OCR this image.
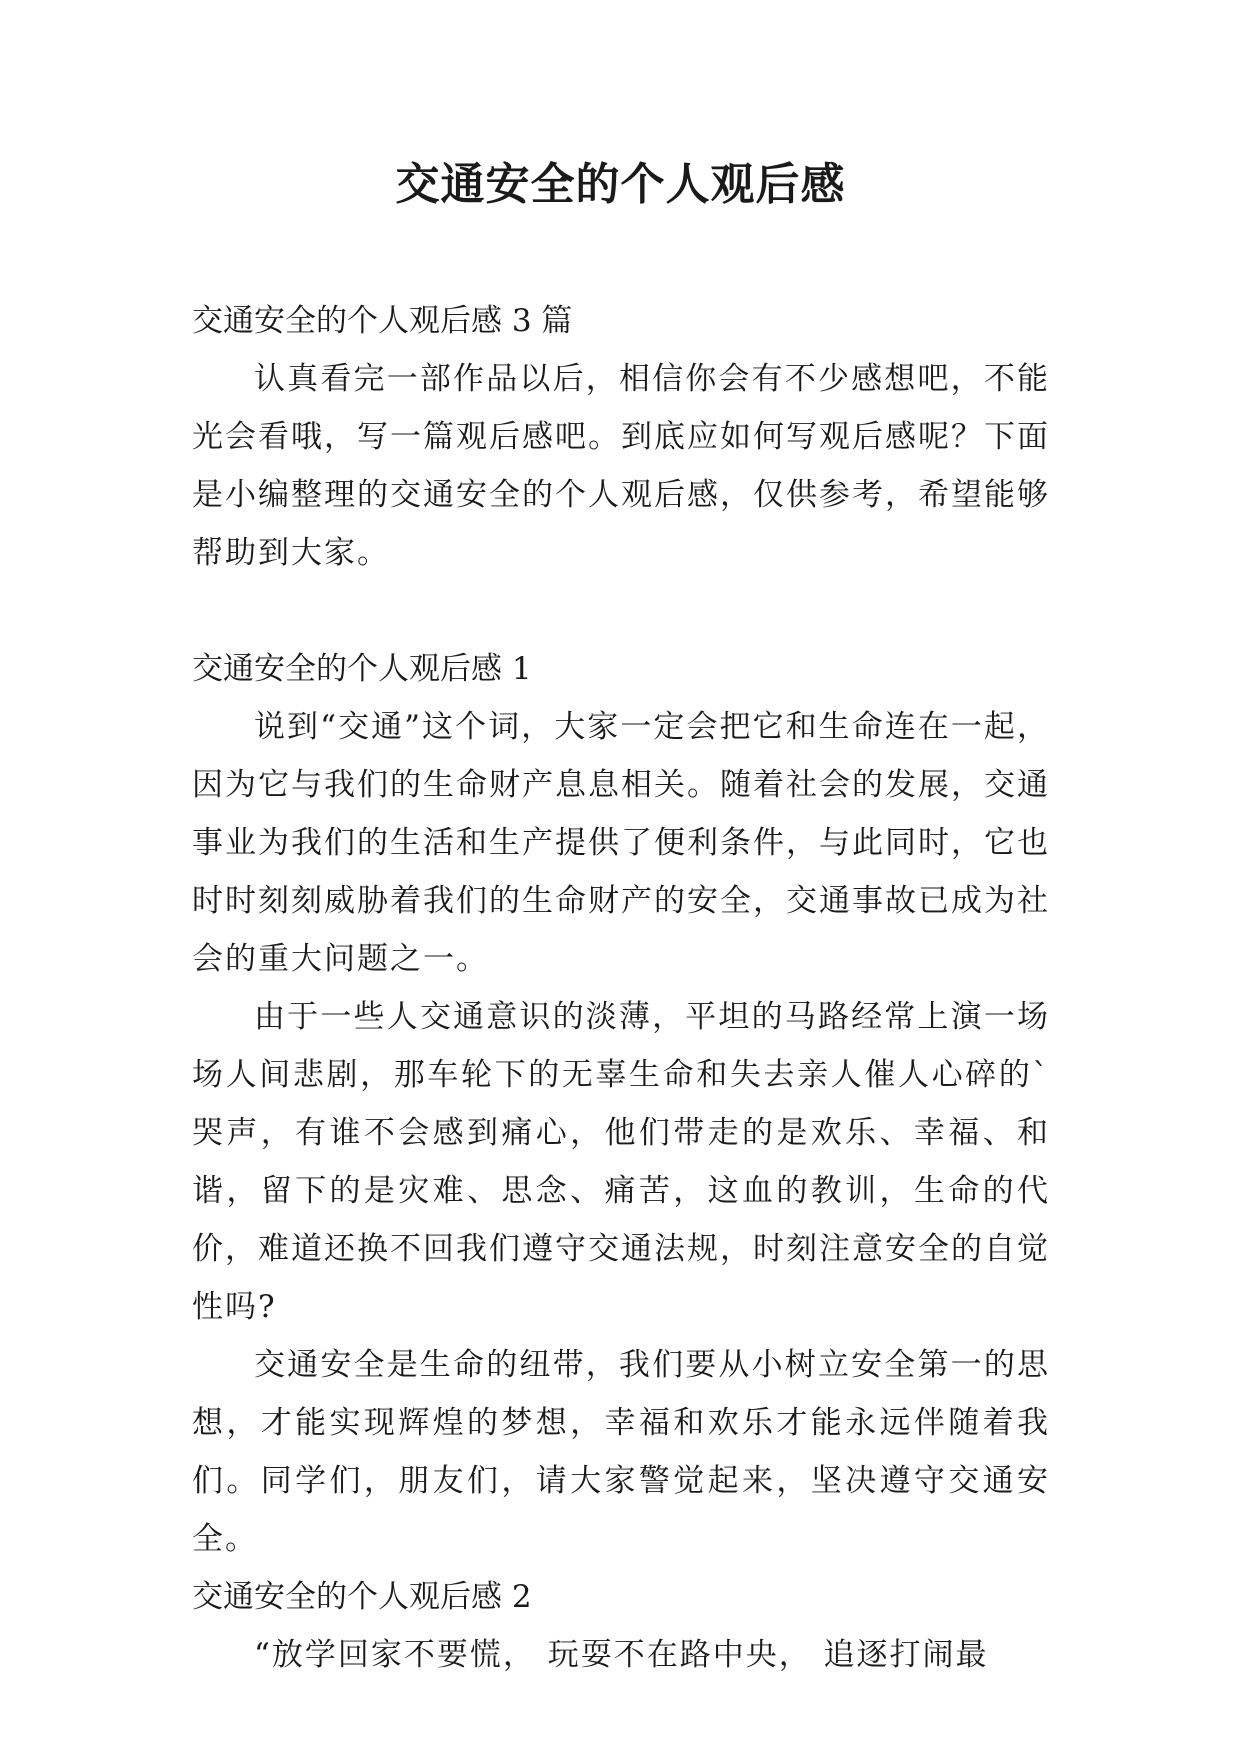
交通安全的个人观后感

交通安全的个人观后感 3 篇

认真看完一部作品以后，相信你会有不少感想吧，不能光会看哦，写一篇观后感吧。到底应如何写观后感呢？下面是小编整理的交通安全的个人观后感，仅供参考，希望能够帮助到大家。

交通安全的个人观后感 1

说到“交通”这个词，大家一定会把它和生命连在一起，因为它与我们的生命财产息息相关。随着社会的发展，交通事业为我们的生活和生产提供了便利条件，与此同时，它也时时刻刻威胁着我们的生命财产的安全，交通事故已成为社会的重大问题之一。

由于一些人交通意识的淡薄，平坦的马路经常上演一场场人间悲剧，那车轮下的无辜生命和失去亲人催人心碎的`哭声，有谁不会感到痛心，他们带走的是欢乐、幸福、和谐，留下的是灾难、思念、痛苦，这血的教训，生命的代价，难道还换不回我们遵守交通法规，时刻注意安全的自觉性吗?

交通安全是生命的纽带，我们要从小树立安全第一的思想，才能实现辉煌的梦想，幸福和欢乐才能永远伴随着我们。同学们，朋友们，请大家警觉起来，坚决遵守交通安全。

交通安全的个人观后感 2

“放学回家不要慌， 玩耍不在路中央， 追逐打闹最
